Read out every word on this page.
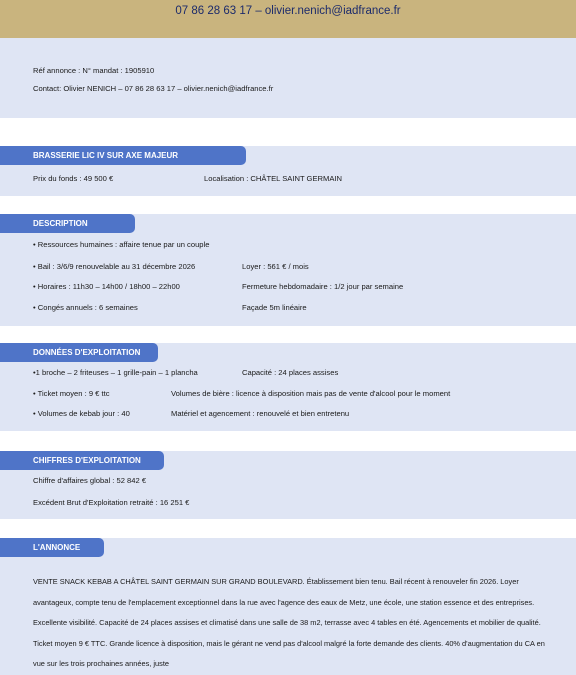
07 86 28 63 17 – olivier.nenich@iadfrance.fr
Réf annonce : N° mandat : 1905910
Contact: Olivier NENICH – 07 86 28 63 17 – olivier.nenich@iadfrance.fr
BRASSERIE LIC IV SUR AXE MAJEUR
Prix du fonds : 49 500 €	Localisation : CHÂTEL SAINT GERMAIN
DESCRIPTION
• Ressources humaines : affaire tenue par un couple
• Bail : 3/6/9 renouvelable au 31 décembre 2026	Loyer : 561 € / mois
• Horaires : 11h30 – 14h00 / 18h00 – 22h00	Fermeture hebdomadaire : 1/2 jour par semaine
• Congés annuels : 6 semaines	Façade 5m linéaire
DONNÉES D'EXPLOITATION
•1 broche – 2 friteuses – 1 grille-pain – 1 plancha	Capacité : 24 places assises
• Ticket moyen : 9 € ttc	Volumes de bière : licence à disposition mais pas de vente d'alcool pour le moment
• Volumes de kebab jour : 40	Matériel et agencement : renouvelé et bien entretenu
CHIFFRES D'EXPLOITATION
Chiffre d'affaires global : 52 842 €
Excédent Brut d'Exploitation retraité : 16 251 €
L'ANNONCE
VENTE SNACK KEBAB A CHÂTEL SAINT GERMAIN SUR GRAND BOULEVARD. Établissement bien tenu. Bail récent à renouveler fin 2026. Loyer avantageux, compte tenu de l'emplacement exceptionnel dans la rue avec l'agence des eaux de Metz, une école, une station essence et des entreprises. Excellente visibilité. Capacité de 24 places assises et climatisé dans une salle de 38 m2, terrasse avec 4 tables en été. Agencements et mobilier de qualité. Ticket moyen 9 € TTC. Grande licence à disposition, mais le gérant ne vend pas d'alcool malgré la forte demande des clients. 40% d'augmentation du CA en vue sur les trois prochaines années, juste
